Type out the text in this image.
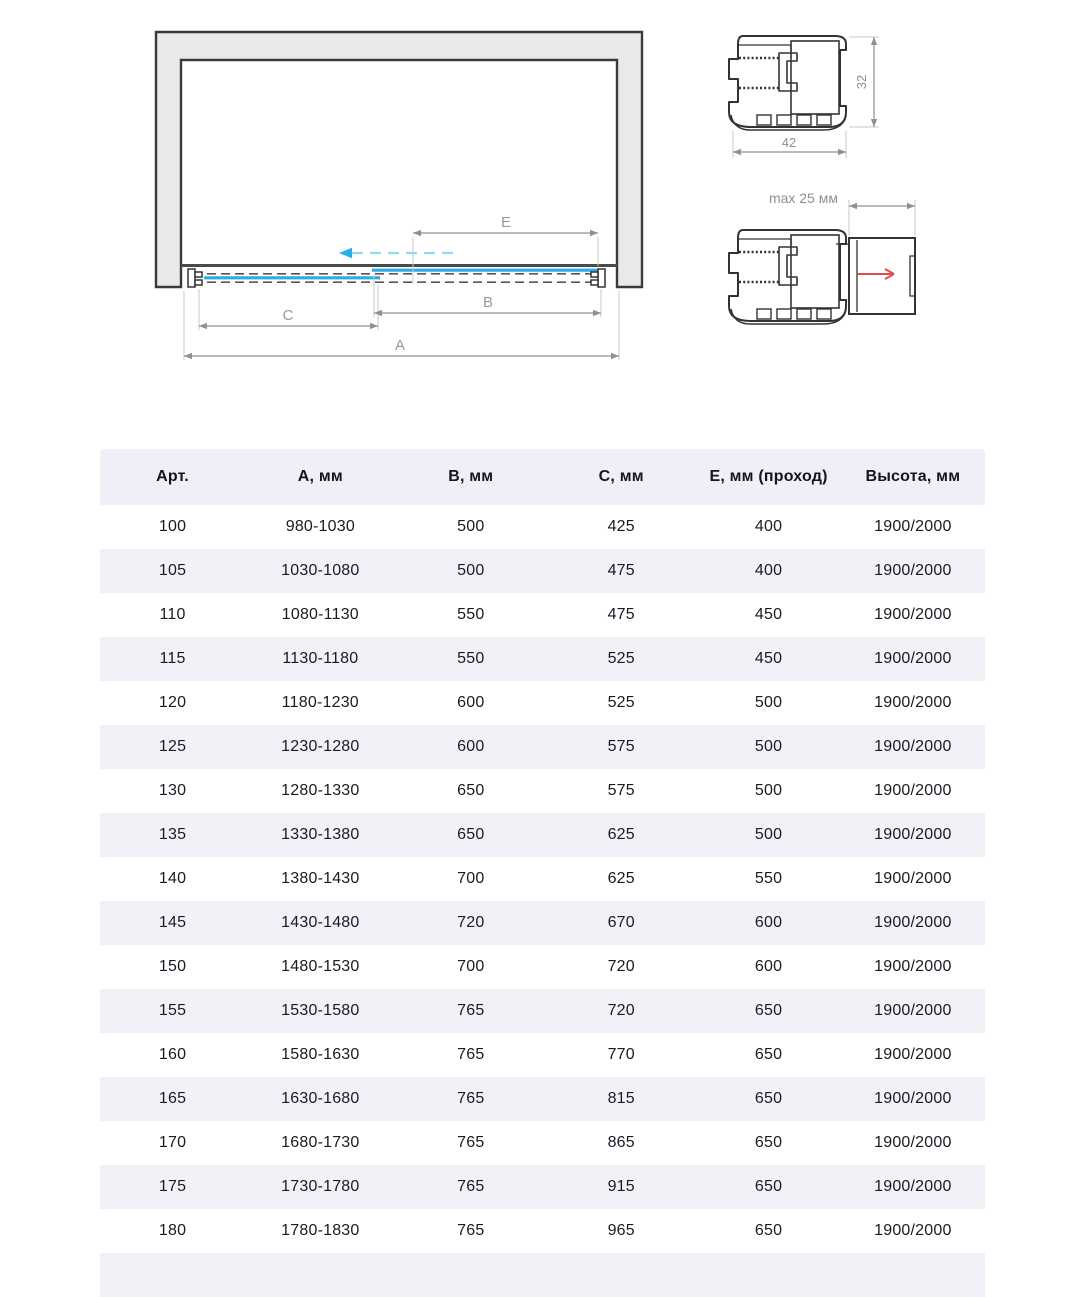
E
B
C
A
32
42
max 25 мм
Арт.	А, мм	В, мм	С, мм	Е, мм (проход)	Высота, мм
100	980-1030	500	425	400	1900/2000
105	1030-1080	500	475	400	1900/2000
110	1080-1130	550	475	450	1900/2000
115	1130-1180	550	525	450	1900/2000
120	1180-1230	600	525	500	1900/2000
125	1230-1280	600	575	500	1900/2000
130	1280-1330	650	575	500	1900/2000
135	1330-1380	650	625	500	1900/2000
140	1380-1430	700	625	550	1900/2000
145	1430-1480	720	670	600	1900/2000
150	1480-1530	700	720	600	1900/2000
155	1530-1580	765	720	650	1900/2000
160	1580-1630	765	770	650	1900/2000
165	1630-1680	765	815	650	1900/2000
170	1680-1730	765	865	650	1900/2000
175	1730-1780	765	915	650	1900/2000
180	1780-1830	765	965	650	1900/2000
